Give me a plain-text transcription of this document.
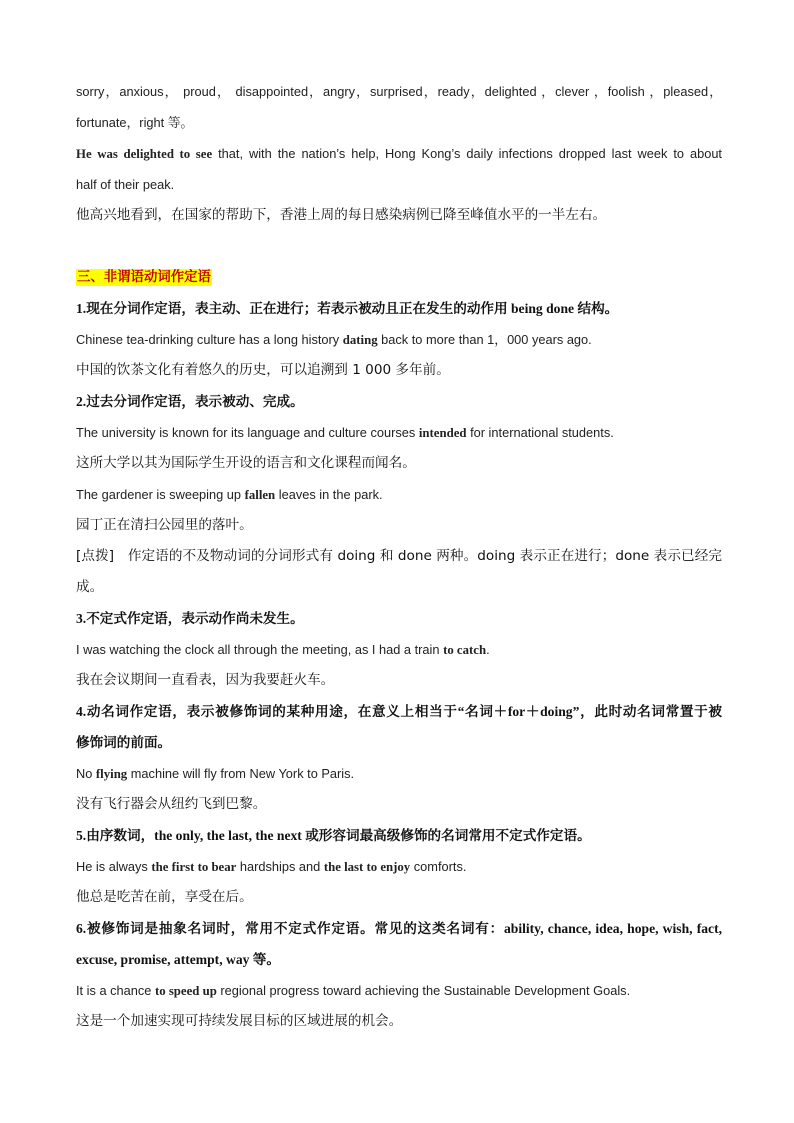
sorry，anxious， proud， disappointed，angry，surprised，ready，delighted ，clever ，foolish ，pleased，
fortunate，right 等。
He was delighted to see that, with the nation’s help, Hong Kong’s daily infections dropped last week to about
half of their peak.
他高兴地看到，在国家的帮助下，香港上周的每日感染病例已降至峰值水平的一半左右。
三、非谓语动词作定语
1.现在分词作定语，表主动、正在进行；若表示被动且正在发生的动作用 being done 结构。
Chinese tea-drinking culture has a long history dating back to more than 1，000 years ago.
中国的饮茶文化有着悠久的历史，可以追溯到 1 000 多年前。
2.过去分词作定语，表示被动、完成。
The university is known for its language and culture courses intended for international students.
这所大学以其为国际学生开设的语言和文化课程而闻名。
The gardener is sweeping up fallen leaves in the park.
园丁正在清扫公园里的落叶。
[点拨]　作定语的不及物动词的分词形式有 doing 和 done 两种。doing 表示正在进行；done 表示已经完
成。
3.不定式作定语，表示动作尚未发生。
I was watching the clock all through the meeting, as I had a train to catch.
我在会议期间一直看表，因为我要赶火车。
4.动名词作定语，表示被修饰词的某种用途，在意义上相当于“名词＋for＋doing”，此时动名词常置于被
修饰词的前面。
No flying machine will fly from New York to Paris.
没有飞行器会从纽约飞到巴黎。
5.由序数词，the only, the last, the next 或形容词最高级修饰的名词常用不定式作定语。
He is always the first to bear hardships and the last to enjoy comforts.
他总是吃苦在前，享受在后。
6.被修饰词是抽象名词时，常用不定式作定语。常见的这类名词有：ability, chance, idea, hope, wish, fact,
excuse, promise, attempt, way 等。
It is a chance to speed up regional progress toward achieving the Sustainable Development Goals.
这是一个加速实现可持续发展目标的区域进展的机会。
